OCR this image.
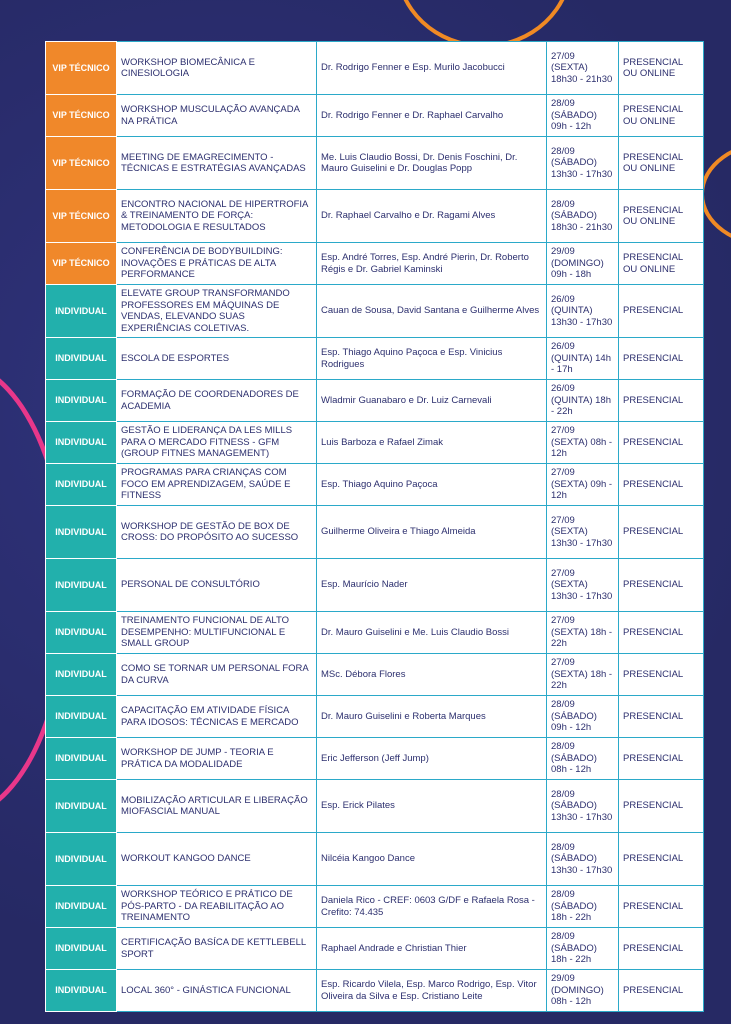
VIP TÉCNICO	WORKSHOP BIOMECÂNICA E CINESIOLOGIA	Dr. Rodrigo Fenner e Esp. Murilo Jacobucci	27/09 (SEXTA) 18h30 - 21h30	PRESENCIAL OU ONLINE
VIP TÉCNICO	WORKSHOP MUSCULAÇÃO AVANÇADA NA PRÁTICA	Dr. Rodrigo Fenner e Dr. Raphael Carvalho	28/09 (SÁBADO) 09h - 12h	PRESENCIAL OU ONLINE
VIP TÉCNICO	MEETING DE EMAGRECIMENTO - TÉCNICAS E ESTRATÉGIAS AVANÇADAS	Me. Luis Claudio Bossi, Dr. Denis Foschini, Dr. Mauro Guiselini e Dr. Douglas Popp	28/09 (SÁBADO) 13h30 - 17h30	PRESENCIAL OU ONLINE
VIP TÉCNICO	ENCONTRO NACIONAL DE HIPERTROFIA & TREINAMENTO DE FORÇA: METODOLOGIA E RESULTADOS	Dr. Raphael Carvalho e Dr. Ragami Alves	28/09 (SÁBADO) 18h30 - 21h30	PRESENCIAL OU ONLINE
VIP TÉCNICO	CONFERÊNCIA DE BODYBUILDING: INOVAÇÕES E PRÁTICAS DE ALTA PERFORMANCE	Esp. André Torres, Esp. André Pierin, Dr. Roberto Régis e Dr. Gabriel Kaminski	29/09 (DOMINGO) 09h - 18h	PRESENCIAL OU ONLINE
INDIVIDUAL	ELEVATE GROUP TRANSFORMANDO PROFESSORES EM MÁQUINAS DE VENDAS, ELEVANDO SUAS EXPERIÊNCIAS COLETIVAS.	Cauan de Sousa, David Santana e Guilherme Alves	26/09 (QUINTA) 13h30 - 17h30	PRESENCIAL
INDIVIDUAL	ESCOLA DE ESPORTES	Esp. Thiago Aquino Paçoca e Esp. Vinicius Rodrigues	26/09 (QUINTA) 14h - 17h	PRESENCIAL
INDIVIDUAL	FORMAÇÃO DE COORDENADORES DE ACADEMIA	Wladmir Guanabaro e Dr. Luiz Carnevali	26/09 (QUINTA) 18h - 22h	PRESENCIAL
INDIVIDUAL	GESTÃO E LIDERANÇA DA LES MILLS PARA O MERCADO FITNESS - GFM (GROUP FITNES MANAGEMENT)	Luis Barboza e Rafael Zimak	27/09 (SEXTA) 08h - 12h	PRESENCIAL
INDIVIDUAL	PROGRAMAS PARA CRIANÇAS COM FOCO EM APRENDIZAGEM, SAÚDE E FITNESS	Esp. Thiago Aquino Paçoca	27/09 (SEXTA) 09h - 12h	PRESENCIAL
INDIVIDUAL	WORKSHOP DE GESTÃO DE BOX DE CROSS: DO PROPÓSITO AO SUCESSO	Guilherme Oliveira e Thiago Almeida	27/09 (SEXTA) 13h30 - 17h30	PRESENCIAL
INDIVIDUAL	PERSONAL DE CONSULTÓRIO	Esp. Maurício Nader	27/09 (SEXTA) 13h30 - 17h30	PRESENCIAL
INDIVIDUAL	TREINAMENTO FUNCIONAL DE ALTO DESEMPENHO: MULTIFUNCIONAL E SMALL GROUP	Dr. Mauro Guiselini e Me. Luis Claudio Bossi	27/09 (SEXTA) 18h - 22h	PRESENCIAL
INDIVIDUAL	COMO SE TORNAR UM PERSONAL FORA DA CURVA	MSc. Débora Flores	27/09 (SEXTA) 18h - 22h	PRESENCIAL
INDIVIDUAL	CAPACITAÇÃO EM ATIVIDADE FÍSICA PARA IDOSOS: TÉCNICAS E MERCADO	Dr. Mauro Guiselini e Roberta Marques	28/09 (SÁBADO) 09h - 12h	PRESENCIAL
INDIVIDUAL	WORKSHOP DE JUMP - TEORIA E PRÁTICA DA MODALIDADE	Eric Jefferson (Jeff Jump)	28/09 (SÁBADO) 08h - 12h	PRESENCIAL
INDIVIDUAL	MOBILIZAÇÃO ARTICULAR E LIBERAÇÃO MIOFASCIAL MANUAL	Esp. Erick Pilates	28/09 (SÁBADO) 13h30 - 17h30	PRESENCIAL
INDIVIDUAL	WORKOUT KANGOO DANCE	Nilcéia Kangoo Dance	28/09 (SÁBADO) 13h30 - 17h30	PRESENCIAL
INDIVIDUAL	WORKSHOP TEÓRICO E PRÁTICO DE PÓS-PARTO - DA REABILITAÇÃO AO TREINAMENTO	Daniela Rico - CREF: 0603 G/DF e Rafaela Rosa - Crefito: 74.435	28/09 (SÁBADO) 18h - 22h	PRESENCIAL
INDIVIDUAL	CERTIFICAÇÃO BASÍCA DE KETTLEBELL SPORT	Raphael Andrade e Christian Thier	28/09 (SÁBADO) 18h - 22h	PRESENCIAL
INDIVIDUAL	LOCAL 360° - GINÁSTICA FUNCIONAL	Esp. Ricardo Vilela, Esp. Marco Rodrigo, Esp. Vitor Oliveira da Silva e Esp. Cristiano Leite	29/09 (DOMINGO) 08h - 12h	PRESENCIAL
